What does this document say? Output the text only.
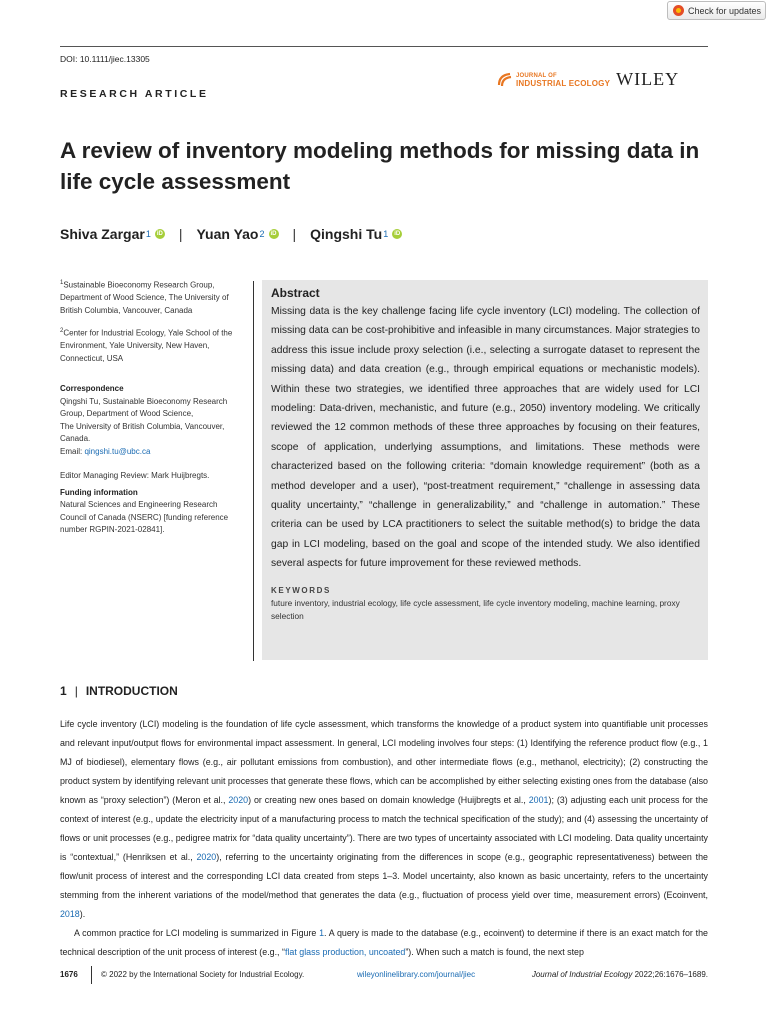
Check for updates
DOI: 10.1111/jiec.13305
JOURNAL OF
INDUSTRIAL ECOLOGY WILEY
RESEARCH ARTICLE
A review of inventory modeling methods for missing data in life cycle assessment
Shiva Zargar 1	iD | Yuan Yao 2	iD | Qingshi Tu 1	iD

$^1$Sustainable Bioeconomy Research Group, Department of Wood Science, The University of British Columbia, Vancouver, Canada

$^2$Center for Industrial Ecology, Yale School of the Environment, Yale University, New Haven, Connecticut, USA

Correspondence
Qingshi Tu, Sustainable Bioeconomy Research Group, Department of Wood Science,
The University of British Columbia, Vancouver, Canada.
Email: qingshi.tu@ubc.ca

Editor Managing Review: Mark Huijbregts.

Funding information
Natural Sciences and Engineering Research Council of Canada (NSERC) [funding reference number RGPIN-2021-02841].

Abstract
Missing data is the key challenge facing life cycle inventory (LCI) modeling. The collection of missing data can be cost-prohibitive and infeasible in many circumstances. Major strategies to address this issue include proxy selection (i.e., selecting a surrogate dataset to represent the missing data) and data creation (e.g., through empirical equations or mechanistic models). Within these two strategies, we identified three approaches that are widely used for LCI modeling: Data-driven, mechanistic, and future (e.g., 2050) inventory modeling. We critically reviewed the 12 common methods of these three approaches by focusing on their features, scope of application, underlying assumptions, and limitations. These methods were characterized based on the following criteria: “domain knowledge requirement” (both as a method developer and a user), “post-treatment requirement,” “challenge in assessing data quality uncertainty,” “challenge in generalizability,” and “challenge in automation.” These criteria can be used by LCA practitioners to select the suitable method(s) to bridge the data gap in LCI modeling, based on the goal and scope of the intended study. We also identified several aspects for future improvement for these reviewed methods.
KEYWORDS
future inventory, industrial ecology, life cycle assessment, life cycle inventory modeling, machine learning, proxy selection
1 | INTRODUCTION

Life cycle inventory (LCI) modeling is the foundation of life cycle assessment, which transforms the knowledge of a product system into quantifiable unit processes and relevant input/output flows for environmental impact assessment. In general, LCI modeling involves four steps: (1) Identifying the reference product flow (e.g., 1 MJ of biodiesel), elementary flows (e.g., air pollutant emissions from combustion), and other intermediate flows (e.g., methanol, electricity); (2) constructing the product system by identifying relevant unit processes that generate these flows, which can be accomplished by either selecting existing ones from the database (also known as “proxy selection”) (Meron et al., 2020) or creating new ones based on domain knowledge (Huijbregts et al., 2001); (3) adjusting each unit process for the context of interest (e.g., update the electricity input of a manufacturing process to match the technical specification of the study); and (4) assessing the uncertainty of flows or unit processes (e.g., pedigree matrix for “data quality uncertainty”). There are two types of uncertainty associated with LCI modeling. Data quality uncertainty is “contextual,” (Henriksen et al., 2020), referring to the uncertainty originating from the differences in scope (e.g., geographic representativeness) between the flow/unit process of interest and the corresponding LCI data created from steps 1–3. Model uncertainty, also known as basic uncertainty, refers to the uncertainty stemming from the inherent variations of the model/method that generates the data (e.g., fluctuation of process yield over time, measurement errors) (Ecoinvent, 2018).

A common practice for LCI modeling is summarized in Figure 1. A query is made to the database (e.g., ecoinvent) to determine if there is an exact match for the technical description of the unit process of interest (e.g., “flat glass production, uncoated”). When such a match is found, the next step

1676	© 2022 by the International Society for Industrial Ecology.	wileyonlinelibrary.com/journal/jiec	Journal of Industrial Ecology 2022;26:1676–1689.
